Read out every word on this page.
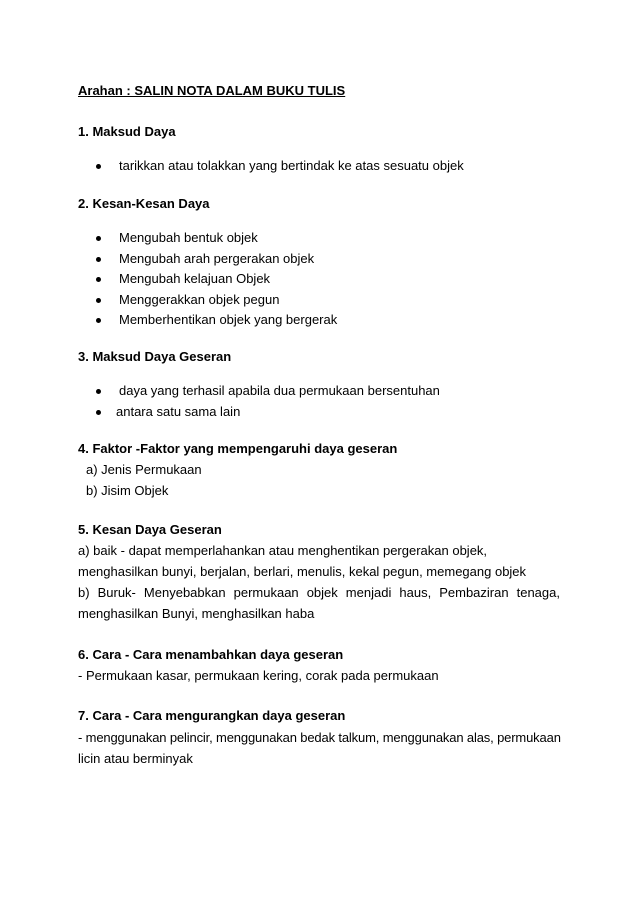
Arahan : SALIN NOTA DALAM BUKU TULIS
1. Maksud Daya
tarikkan atau tolakkan yang bertindak ke atas sesuatu objek
2. Kesan-Kesan Daya
Mengubah bentuk objek
Mengubah arah pergerakan objek
Mengubah kelajuan Objek
Menggerakkan objek pegun
Memberhentikan objek yang bergerak
3. Maksud Daya Geseran
daya yang terhasil apabila dua permukaan bersentuhan
antara satu sama lain
4. Faktor -Faktor yang mempengaruhi daya geseran
a) Jenis Permukaan
b) Jisim Objek
5. Kesan Daya Geseran
a) baik - dapat memperlahankan atau menghentikan pergerakan objek,
menghasilkan bunyi, berjalan, berlari, menulis, kekal pegun, memegang objek
b) Buruk- Menyebabkan permukaan objek menjadi haus, Pembaziran tenaga,
menghasilkan Bunyi, menghasilkan haba
6. Cara - Cara menambahkan daya geseran
- Permukaan kasar, permukaan kering, corak pada permukaan
7. Cara - Cara mengurangkan daya geseran
- menggunakan pelincir, menggunakan bedak talkum, menggunakan alas, permukaan
licin atau berminyak
